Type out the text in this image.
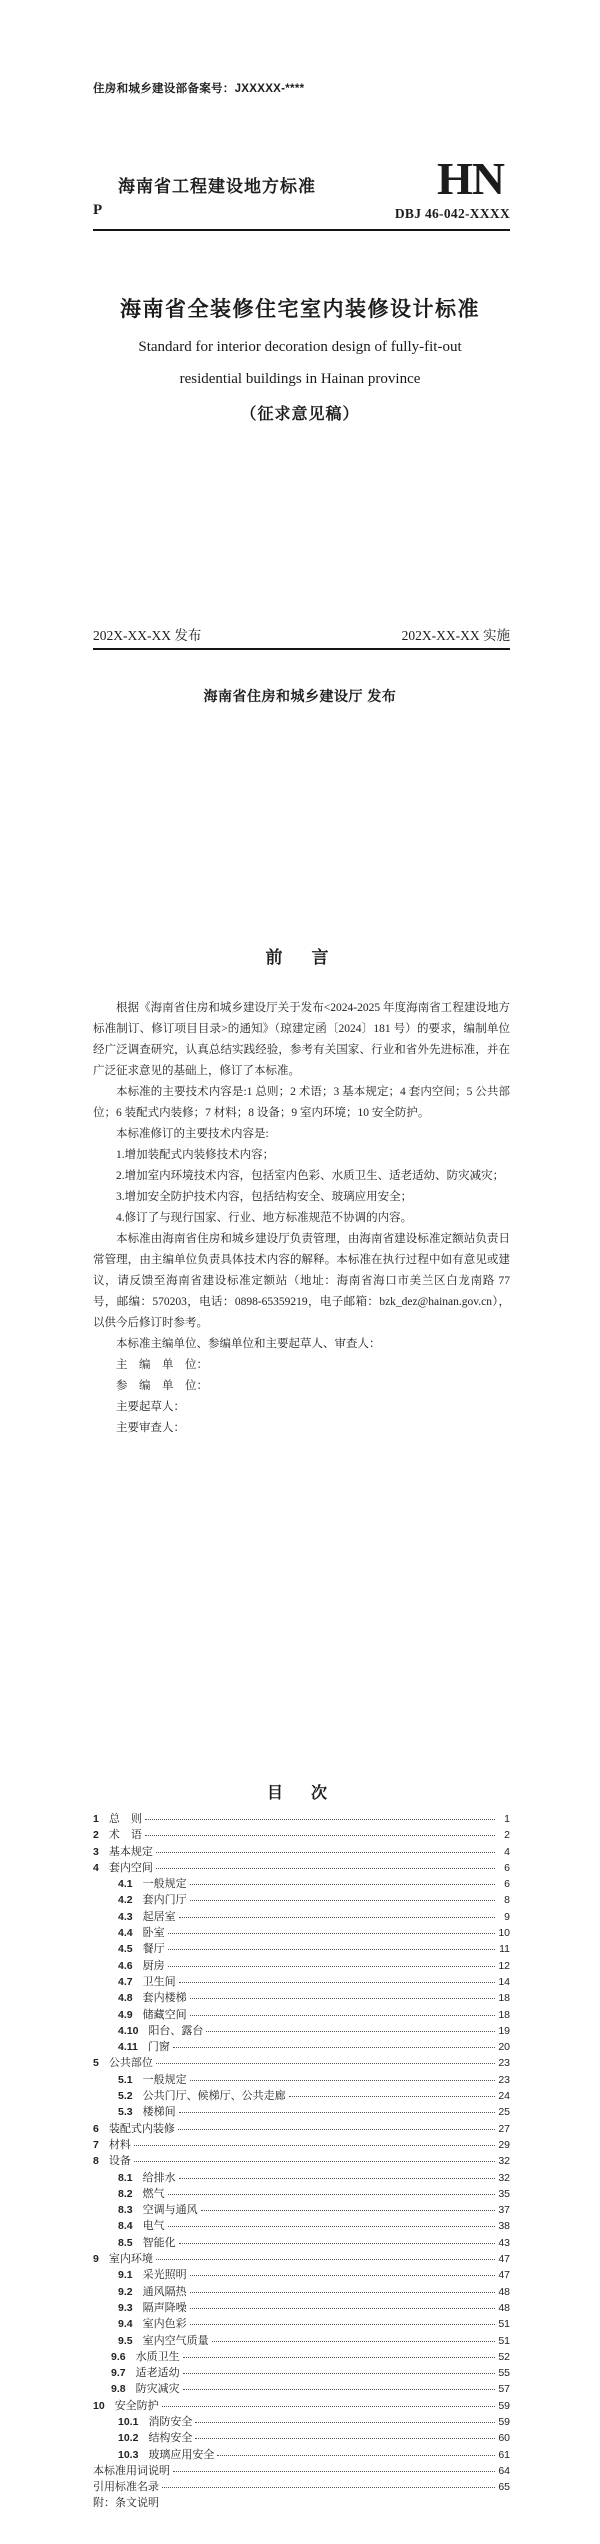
住房和城乡建设部备案号：JXXXXX-****
海南省工程建设地方标准	HN
P	DBJ 46-042-XXXX
海南省全装修住宅室内装修设计标准
Standard for interior decoration design of fully-fit-out
residential buildings in Hainan province
（征求意见稿）
202X-XX-XX 发布	202X-XX-XX 实施
海南省住房和城乡建设厅 发布
前　言

根据《海南省住房和城乡建设厅关于发布<2024-2025 年度海南省工程建设地方标准制订、修订项目目录>的通知》（琼建定函〔2024〕181 号）的要求，编制单位经广泛调查研究，认真总结实践经验，参考有关国家、行业和省外先进标准，并在广泛征求意见的基础上，修订了本标准。

本标准的主要技术内容是:1 总则；2 术语；3 基本规定；4 套内空间；5 公共部位；6 装配式内装修；7 材料；8 设备；9 室内环境；10 安全防护。

本标准修订的主要技术内容是:

1.增加装配式内装修技术内容；

2.增加室内环境技术内容，包括室内色彩、水质卫生、适老适幼、防灾减灾；

3.增加安全防护技术内容，包括结构安全、玻璃应用安全；

4.修订了与现行国家、行业、地方标准规范不协调的内容。

本标准由海南省住房和城乡建设厅负责管理，由海南省建设标准定额站负责日常管理，由主编单位负责具体技术内容的解释。本标准在执行过程中如有意见或建议，请反馈至海南省建设标准定额站（地址：海南省海口市美兰区白龙南路 77 号，邮编：570203，电话：0898-65359219，电子邮箱：bzk_dez@hainan.gov.cn），以供今后修订时参考。

本标准主编单位、参编单位和主要起草人、审查人：

主　编　单　位：

参　编　单　位：

主要起草人：

主要审查人：

目　次
1 总　则	1
2 术　语	2
3 基本规定	4
4 套内空间	6
4.1 一般规定	6
4.2 套内门厅	8
4.3 起居室	9
4.4 卧室	10
4.5 餐厅	11
4.6 厨房	12
4.7 卫生间	14
4.8 套内楼梯	18
4.9 储藏空间	18
4.10 阳台、露台	19
4.11 门窗	20
5 公共部位	23
5.1 一般规定	23
5.2 公共门厅、候梯厅、公共走廊	24
5.3 楼梯间	25
6 装配式内装修	27
7 材料	29
8 设备	32
8.1 给排水	32
8.2 燃气	35
8.3 空调与通风	37
8.4 电气	38
8.5 智能化	43
9 室内环境	47
9.1 采光照明	47
9.2 通风隔热	48
9.3 隔声降噪	48
9.4 室内色彩	51
9.5 室内空气质量	51
9.6 水质卫生	52
9.7 适老适幼	55
9.8 防灾减灾	57
10 安全防护	59
10.1 消防安全	59
10.2 结构安全	60
10.3 玻璃应用安全	61
本标准用词说明	64
引用标准名录	65
附：条文说明
